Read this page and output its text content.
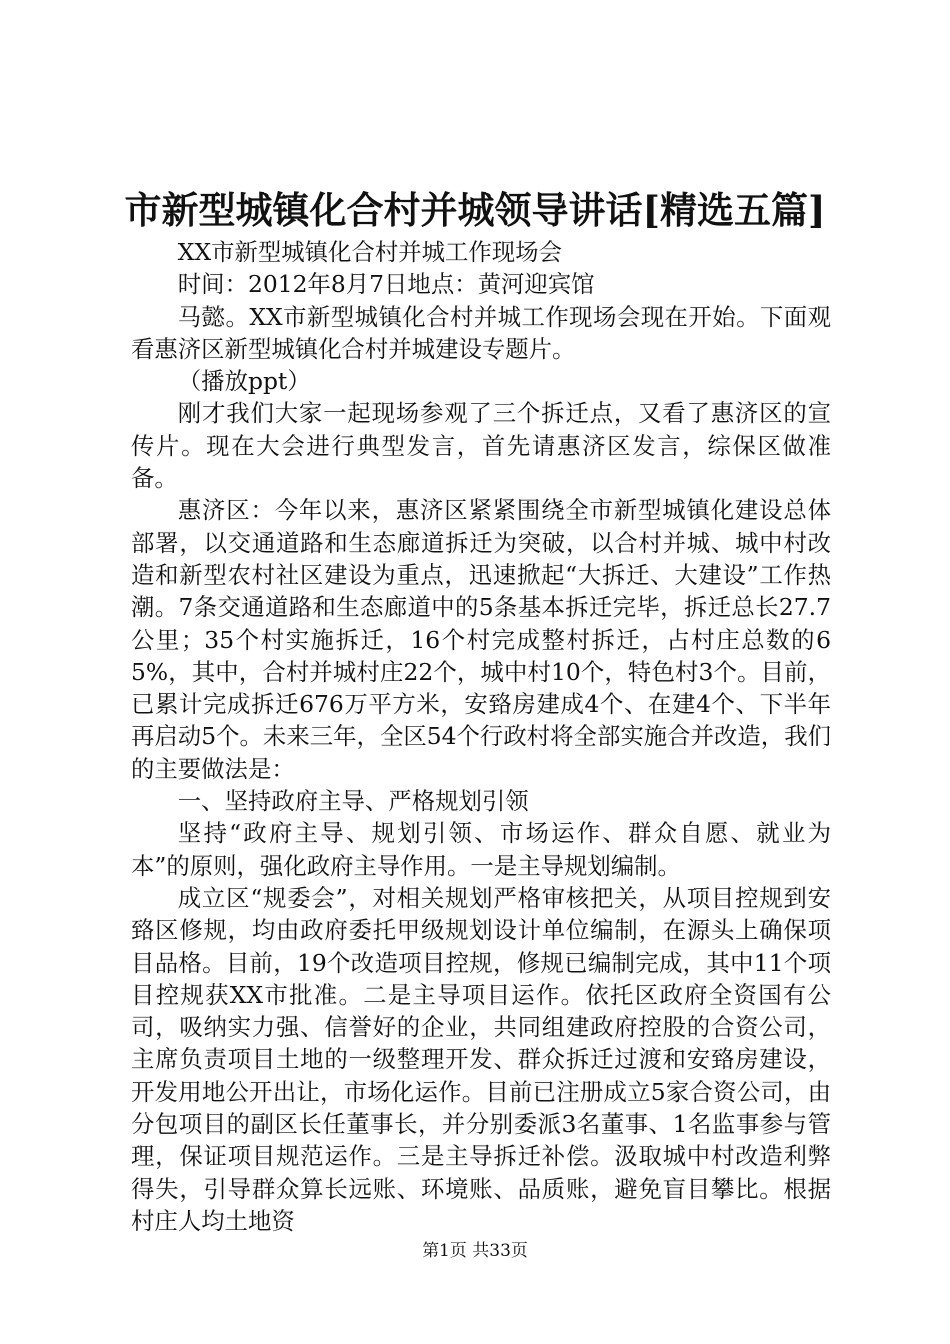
市新型城镇化合村并城领导讲话[精选五篇]

XX市新型城镇化合村并城工作现场会

时间：2012年8月7日地点：黄河迎宾馆

马懿。XX市新型城镇化合村并城工作现场会现在开始。下面观看惠济区新型城镇化合村并城建设专题片。

（播放ppt）

刚才我们大家一起现场参观了三个拆迁点，又看了惠济区的宣传片。现在大会进行典型发言，首先请惠济区发言，综保区做准备。

惠济区：今年以来，惠济区紧紧围绕全市新型城镇化建设总体部署，以交通道路和生态廊道拆迁为突破，以合村并城、城中村改造和新型农村社区建设为重点，迅速掀起“大拆迁、大建设”工作热潮。7条交通道路和生态廊道中的5条基本拆迁完毕，拆迁总长27.7公里；35个村实施拆迁，16个村完成整村拆迁，占村庄总数的65%，其中，合村并城村庄22个，城中村10个，特色村3个。目前，已累计完成拆迁676万平方米，安臵房建成4个、在建4个、下半年再启动5个。未来三年，全区54个行政村将全部实施合并改造，我们的主要做法是：

一、坚持政府主导、严格规划引领

坚持“政府主导、规划引领、市场运作、群众自愿、就业为本”的原则，强化政府主导作用。一是主导规划编制。

成立区“规委会”，对相关规划严格审核把关，从项目控规到安臵区修规，均由政府委托甲级规划设计单位编制，在源头上确保项目品格。目前，19个改造项目控规，修规已编制完成，其中11个项目控规获XX市批准。二是主导项目运作。依托区政府全资国有公司，吸纳实力强、信誉好的企业，共同组建政府控股的合资公司，主席负责项目土地的一级整理开发、群众拆迁过渡和安臵房建设，开发用地公开出让，市场化运作。目前已注册成立5家合资公司，由分包项目的副区长任董事长，并分别委派3名董事、1名监事参与管理，保证项目规范运作。三是主导拆迁补偿。汲取城中村改造利弊得失，引导群众算长远账、环境账、品质账，避免盲目攀比。根据村庄人均土地资

第1页 共33页
